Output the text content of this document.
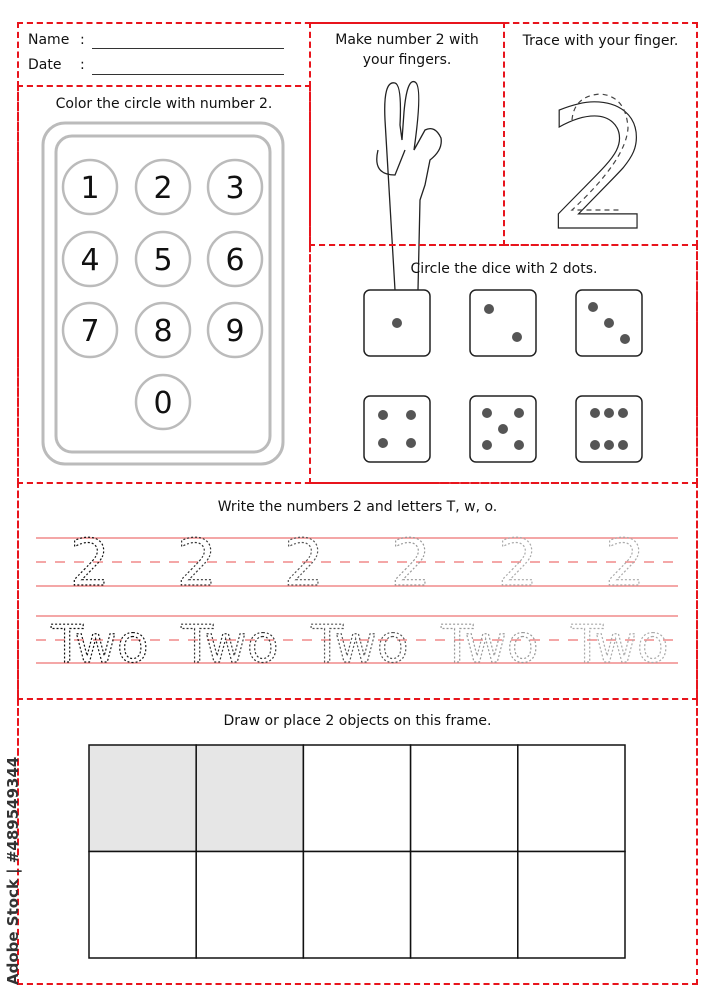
1 2 3
4 5 6
7 8 9
0
2
2 2 2 2 2 2
Two Two Two Two Two
Name :
Date :
Color the circle with number 2.
Make number 2 with
your fingers.
Trace with your finger.
Circle the dice with 2 dots.
Write the numbers 2 and letters T, w, o.
Draw or place 2 objects on this frame.
Adobe Stock | #489549344
